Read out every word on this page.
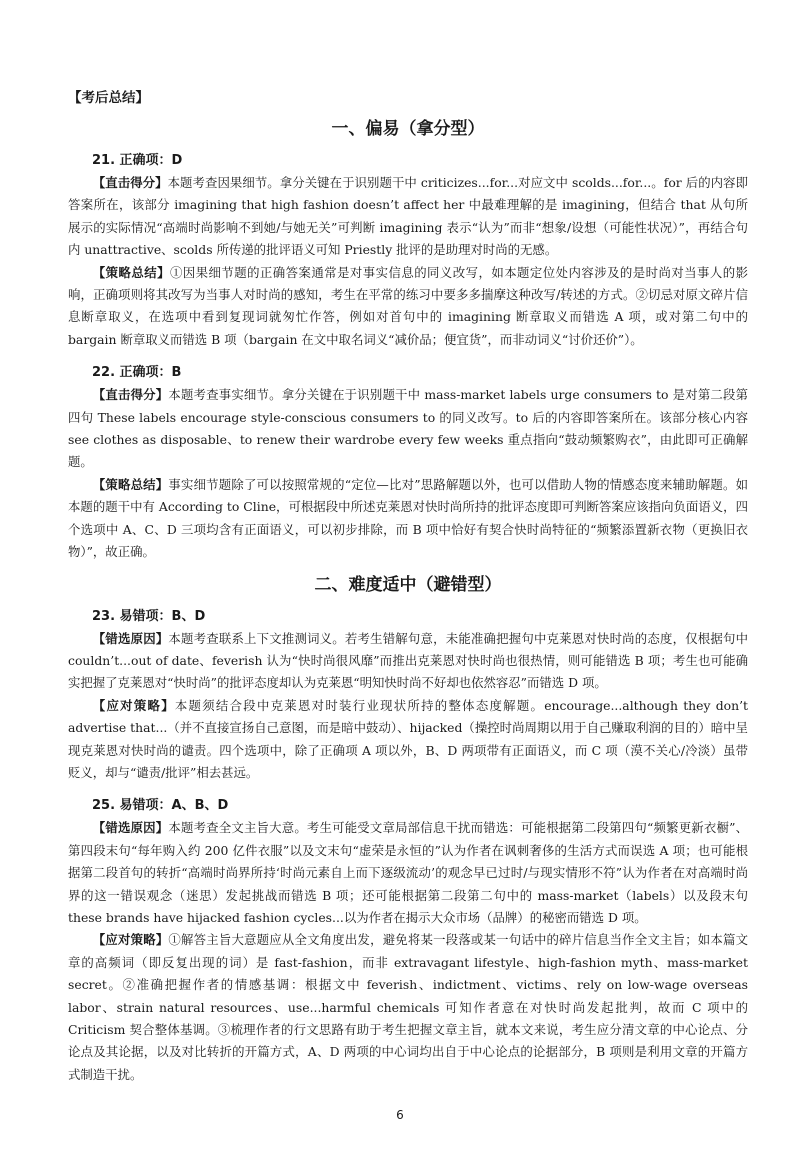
【考后总结】
一、偏易（拿分型）
21. 正确项：D

【直击得分】本题考查因果细节。拿分关键在于识别题干中 criticizes...for...对应文中 scolds...for...。for 后的内容即答案所在，该部分 imagining that high fashion doesn’t affect her 中最难理解的是 imagining，但结合 that 从句所展示的实际情况“高端时尚影响不到她/与她无关”可判断 imagining 表示“认为”而非“想象/设想（可能性状况）”，再结合句内 unattractive、scolds 所传递的批评语义可知 Priestly 批评的是助理对时尚的无感。

【策略总结】①因果细节题的正确答案通常是对事实信息的同义改写，如本题定位处内容涉及的是时尚对当事人的影响，正确项则将其改写为当事人对时尚的感知，考生在平常的练习中要多多揣摩这种改写/转述的方式。②切忌对原文碎片信息断章取义，在选项中看到复现词就匆忙作答，例如对首句中的 imagining 断章取义而错选 A 项，或对第二句中的 bargain 断章取义而错选 B 项（bargain 在文中取名词义“减价品；便宜货”，而非动词义“讨价还价”）。

22. 正确项：B

【直击得分】本题考查事实细节。拿分关键在于识别题干中 mass-market labels urge consumers to 是对第二段第四句 These labels encourage style-conscious consumers to 的同义改写。to 后的内容即答案所在。该部分核心内容 see clothes as disposable、to renew their wardrobe every few weeks 重点指向“鼓动频繁购衣”，由此即可正确解题。

【策略总结】事实细节题除了可以按照常规的“定位—比对”思路解题以外，也可以借助人物的情感态度来辅助解题。如本题的题干中有 According to Cline，可根据段中所述克莱恩对快时尚所持的批评态度即可判断答案应该指向负面语义，四个选项中 A、C、D 三项均含有正面语义，可以初步排除，而 B 项中恰好有契合快时尚特征的“频繁添置新衣物（更换旧衣物）”，故正确。

二、难度适中（避错型）
23. 易错项：B、D

【错选原因】本题考查联系上下文推测词义。若考生错解句意，未能准确把握句中克莱恩对快时尚的态度，仅根据句中 couldn’t...out of date、feverish 认为“快时尚很风靡”而推出克莱恩对快时尚也很热情，则可能错选 B 项；考生也可能确实把握了克莱恩对“快时尚”的批评态度却认为克莱恩“明知快时尚不好却也依然容忍”而错选 D 项。

【应对策略】本题须结合段中克莱恩对时装行业现状所持的整体态度解题。encourage...although they don’t advertise that...（并不直接宣扬自己意图，而是暗中鼓动）、hijacked（操控时尚周期以用于自己赚取利润的目的）暗中呈现克莱恩对快时尚的谴责。四个选项中，除了正确项 A 项以外，B、D 两项带有正面语义，而 C 项（漠不关心/冷淡）虽带贬义，却与“谴责/批评”相去甚远。

25. 易错项：A、B、D

【错选原因】本题考查全文主旨大意。考生可能受文章局部信息干扰而错选：可能根据第二段第四句“频繁更新衣橱”、第四段末句“每年购入约 200 亿件衣服”以及文末句“虚荣是永恒的”认为作者在讽刺奢侈的生活方式而误选 A 项；也可能根据第二段首句的转折“高端时尚界所持‘时尚元素自上而下逐级流动’的观念早已过时/与现实情形不符”认为作者在对高端时尚界的这一错误观念（迷思）发起挑战而错选 B 项；还可能根据第二段第二句中的 mass-market（labels）以及段末句 these brands have hijacked fashion cycles...以为作者在揭示大众市场（品牌）的秘密而错选 D 项。

【应对策略】①解答主旨大意题应从全文角度出发，避免将某一段落或某一句话中的碎片信息当作全文主旨；如本篇文章的高频词（即反复出现的词）是 fast-fashion，而非 extravagant lifestyle、high-fashion myth、mass-market secret。②准确把握作者的情感基调：根据文中 feverish、indictment、victims、rely on low-wage overseas labor、strain natural resources、use...harmful chemicals 可知作者意在对快时尚发起批判，故而 C 项中的 Criticism 契合整体基调。③梳理作者的行文思路有助于考生把握文章主旨，就本文来说，考生应分清文章的中心论点、分论点及其论据，以及对比转折的开篇方式，A、D 两项的中心词均出自于中心论点的论据部分，B 项则是利用文章的开篇方式制造干扰。

6
